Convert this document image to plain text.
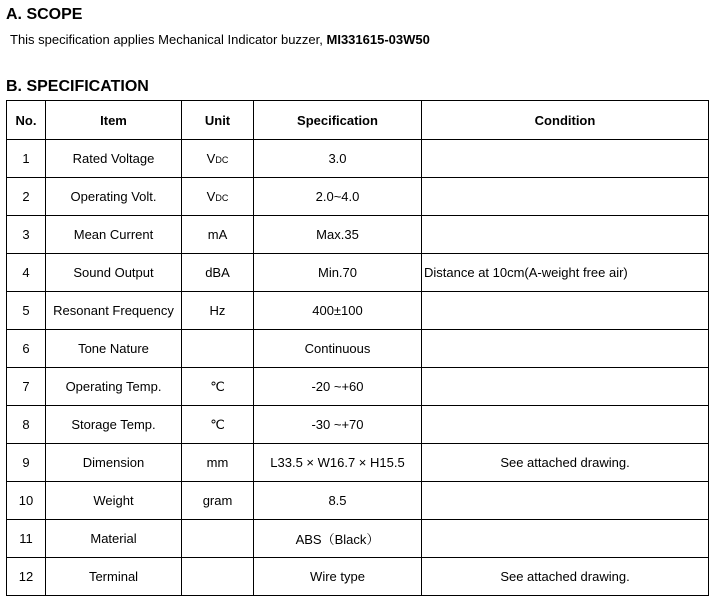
A. SCOPE
This specification applies Mechanical Indicator buzzer, MI331615-03W50
B. SPECIFICATION
No.	Item	Unit	Specification	Condition
1	Rated Voltage	VDC	3.0	
2	Operating Volt.	VDC	2.0~4.0	
3	Mean Current	mA	Max.35	
4	Sound Output	dBA	Min.70	Distance at 10cm(A-weight free air)
5	Resonant Frequency	Hz	400±100	
6	Tone Nature		Continuous	
7	Operating Temp.	℃	-20 ~+60	
8	Storage Temp.	℃	-30 ~+70	
9	Dimension	mm	L33.5 × W16.7 × H15.5	See attached drawing.
10	Weight	gram	8.5	
11	Material		ABS（Black）	
12	Terminal		Wire type	See attached drawing.
